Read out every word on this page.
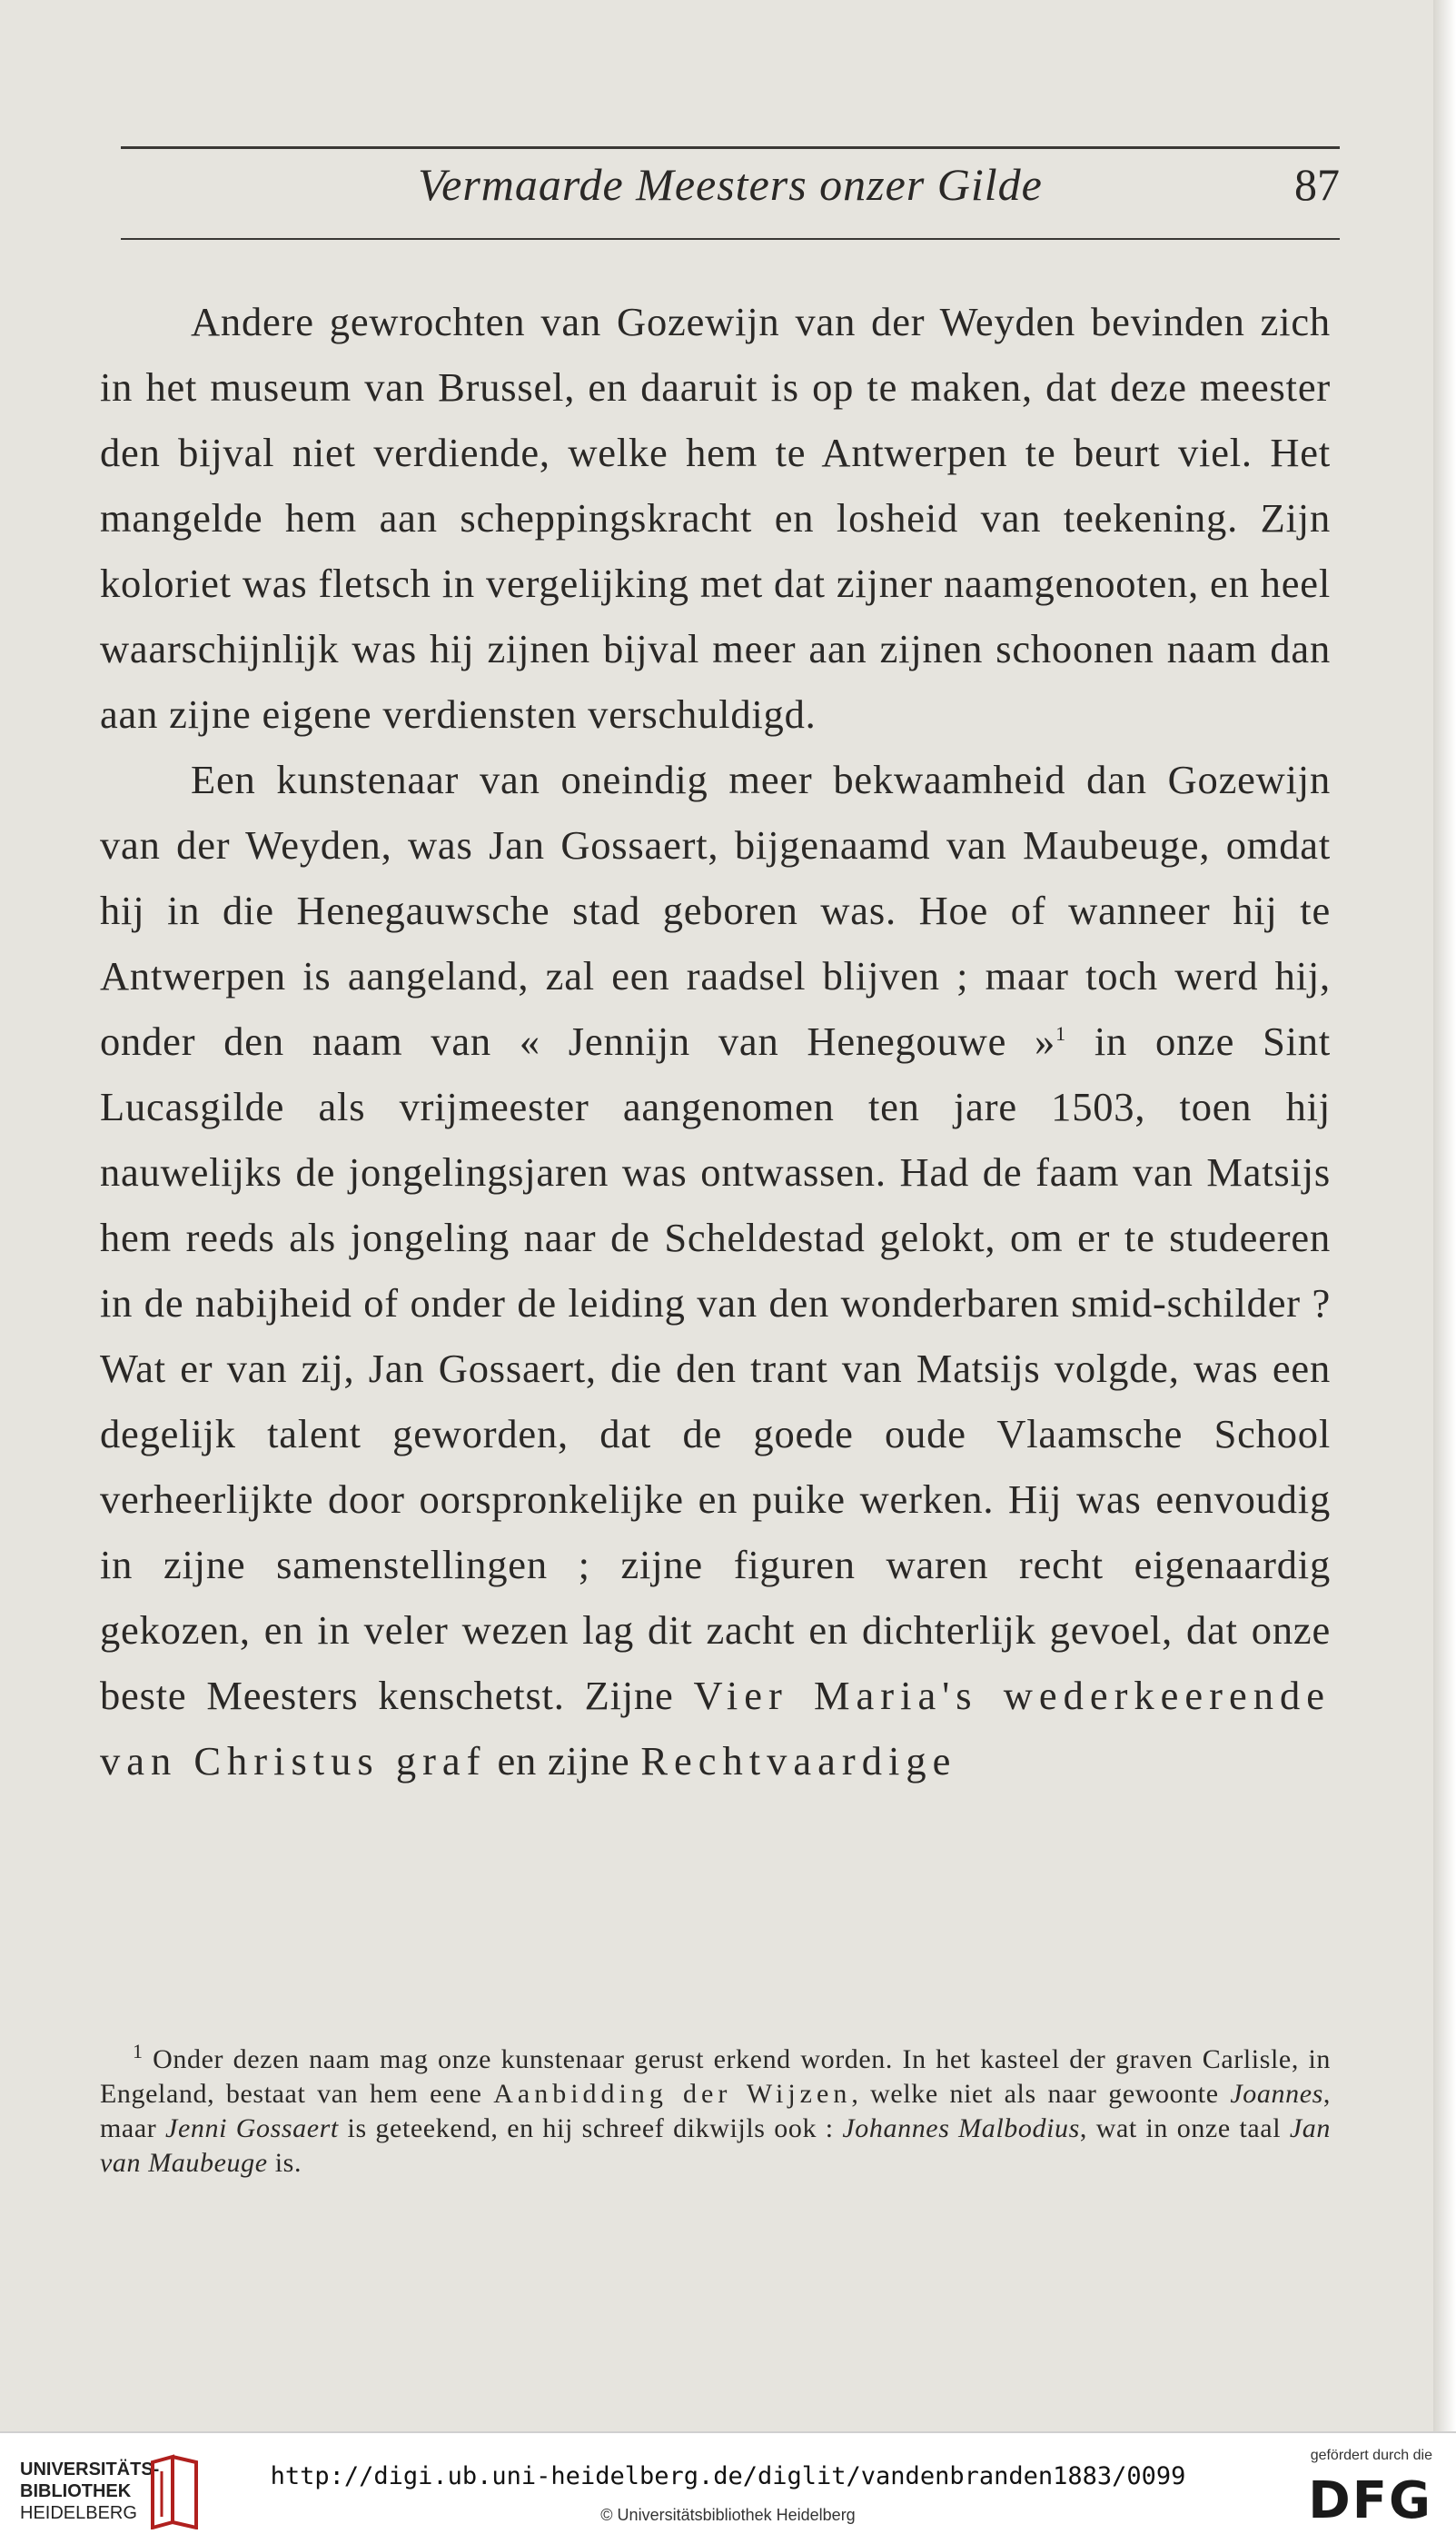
Vermaarde Meesters onzer Gilde	87

Andere gewrochten van Gozewijn van der Weyden bevinden zich in het museum van Brussel, en daaruit is op te maken, dat deze meester den bijval niet verdiende, welke hem te Antwerpen te beurt viel. Het mangelde hem aan scheppingskracht en losheid van teekening. Zijn koloriet was fletsch in vergelijking met dat zijner naamgenooten, en heel waarschijnlijk was hij zijnen bijval meer aan zijnen schoonen naam dan aan zijne eigene verdiensten verschuldigd.

Een kunstenaar van oneindig meer bekwaamheid dan Gozewijn van der Weyden, was Jan Gossaert, bijgenaamd van Maubeuge, omdat hij in die Henegauwsche stad geboren was. Hoe of wanneer hij te Antwerpen is aangeland, zal een raadsel blijven ; maar toch werd hij, onder den naam van « Jennijn van Henegouwe »$^1$ in onze Sint Lucasgilde als vrijmeester aangenomen ten jare 1503, toen hij nauwelijks de jongelingsjaren was ontwassen. Had de faam van Matsijs hem reeds als jongeling naar de Scheldestad gelokt, om er te studeeren in de nabijheid of onder de leiding van den wonderbaren smid-schilder ? Wat er van zij, Jan Gossaert, die den trant van Matsijs volgde, was een degelijk talent geworden, dat de goede oude Vlaamsche School verheerlijkte door oorspronkelijke en puike werken. Hij was eenvoudig in zijne samenstellingen ; zijne figuren waren recht eigenaardig gekozen, en in veler wezen lag dit zacht en dichterlijk gevoel, dat onze beste Meesters kenschetst. Zijne Vier Maria's wederkeerende van Christus graf en zijne Rechtvaardige

$^1$ Onder dezen naam mag onze kunstenaar gerust erkend worden. In het kasteel der graven Carlisle, in Engeland, bestaat van hem eene Aanbidding der Wijzen, welke niet als naar gewoonte Joannes, maar Jenni Gossaert is geteekend, en hij schreef dikwijls ook : Johannes Malbodius, wat in onze taal Jan van Maubeuge is.

UNIVERSITÄTS-
BIBLIOTHEK
HEIDELBERG
http://digi.ub.uni-heidelberg.de/diglit/vandenbranden1883/0099
© Universitätsbibliothek Heidelberg
gefördert durch die
DFG
